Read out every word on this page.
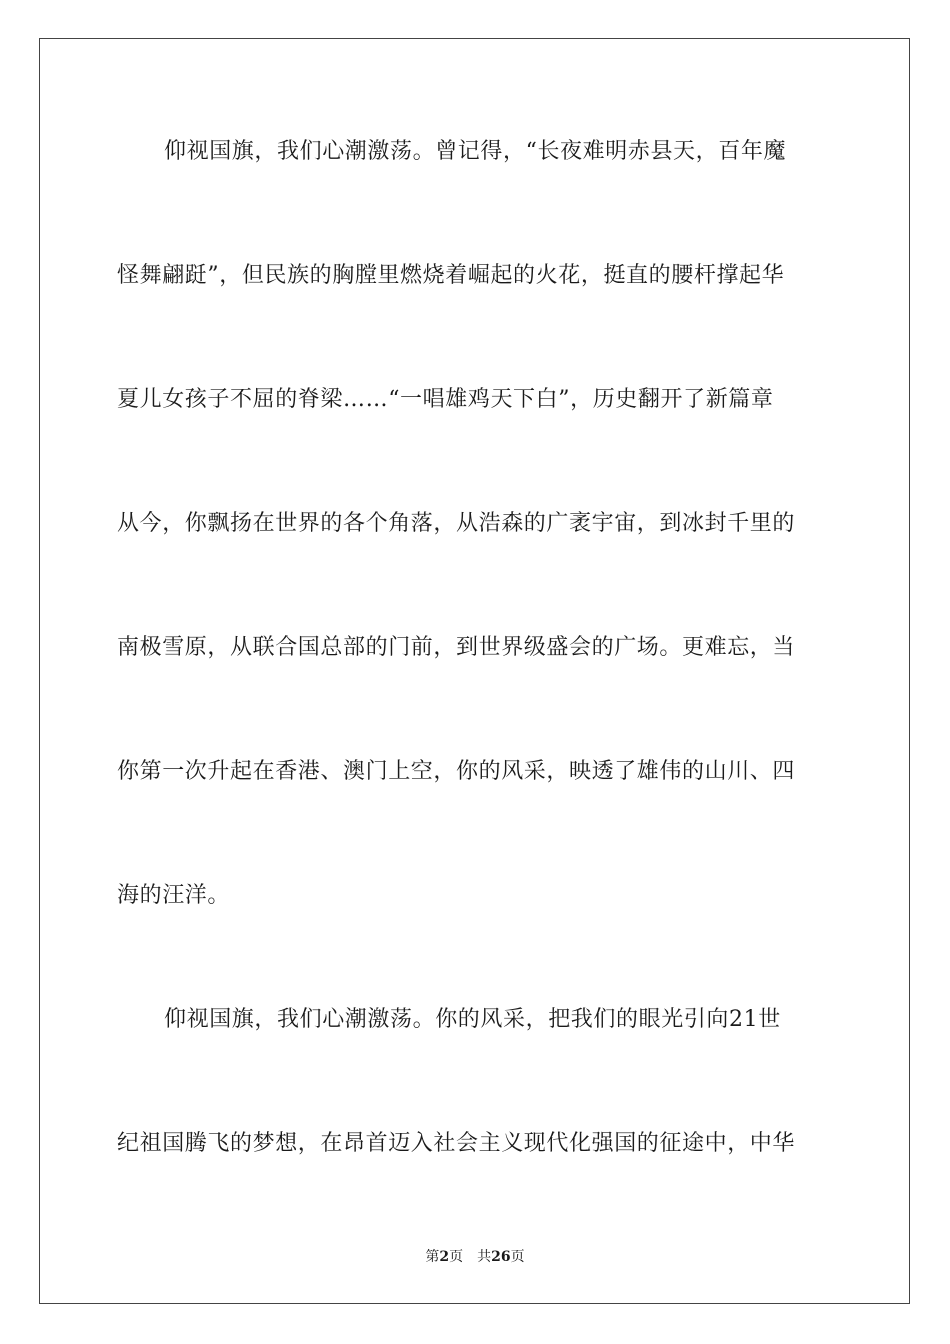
仰视国旗，我们心潮激荡。曾记得，“长夜难明赤县天，百年魔
怪舞翩跹”，但民族的胸膛里燃烧着崛起的火花，挺直的腰杆撑起华
夏儿女孩子不屈的脊梁……“一唱雄鸡天下白”，历史翻开了新篇章
从今，你飘扬在世界的各个角落，从浩森的广袤宇宙，到冰封千里的
南极雪原，从联合国总部的门前，到世界级盛会的广场。更难忘，当
你第一次升起在香港、澳门上空，你的风采，映透了雄伟的山川、四
海的汪洋。
仰视国旗，我们心潮激荡。你的风采，把我们的眼光引向21世
纪祖国腾飞的梦想，在昂首迈入社会主义现代化强国的征途中，中华
第2页 共26页
